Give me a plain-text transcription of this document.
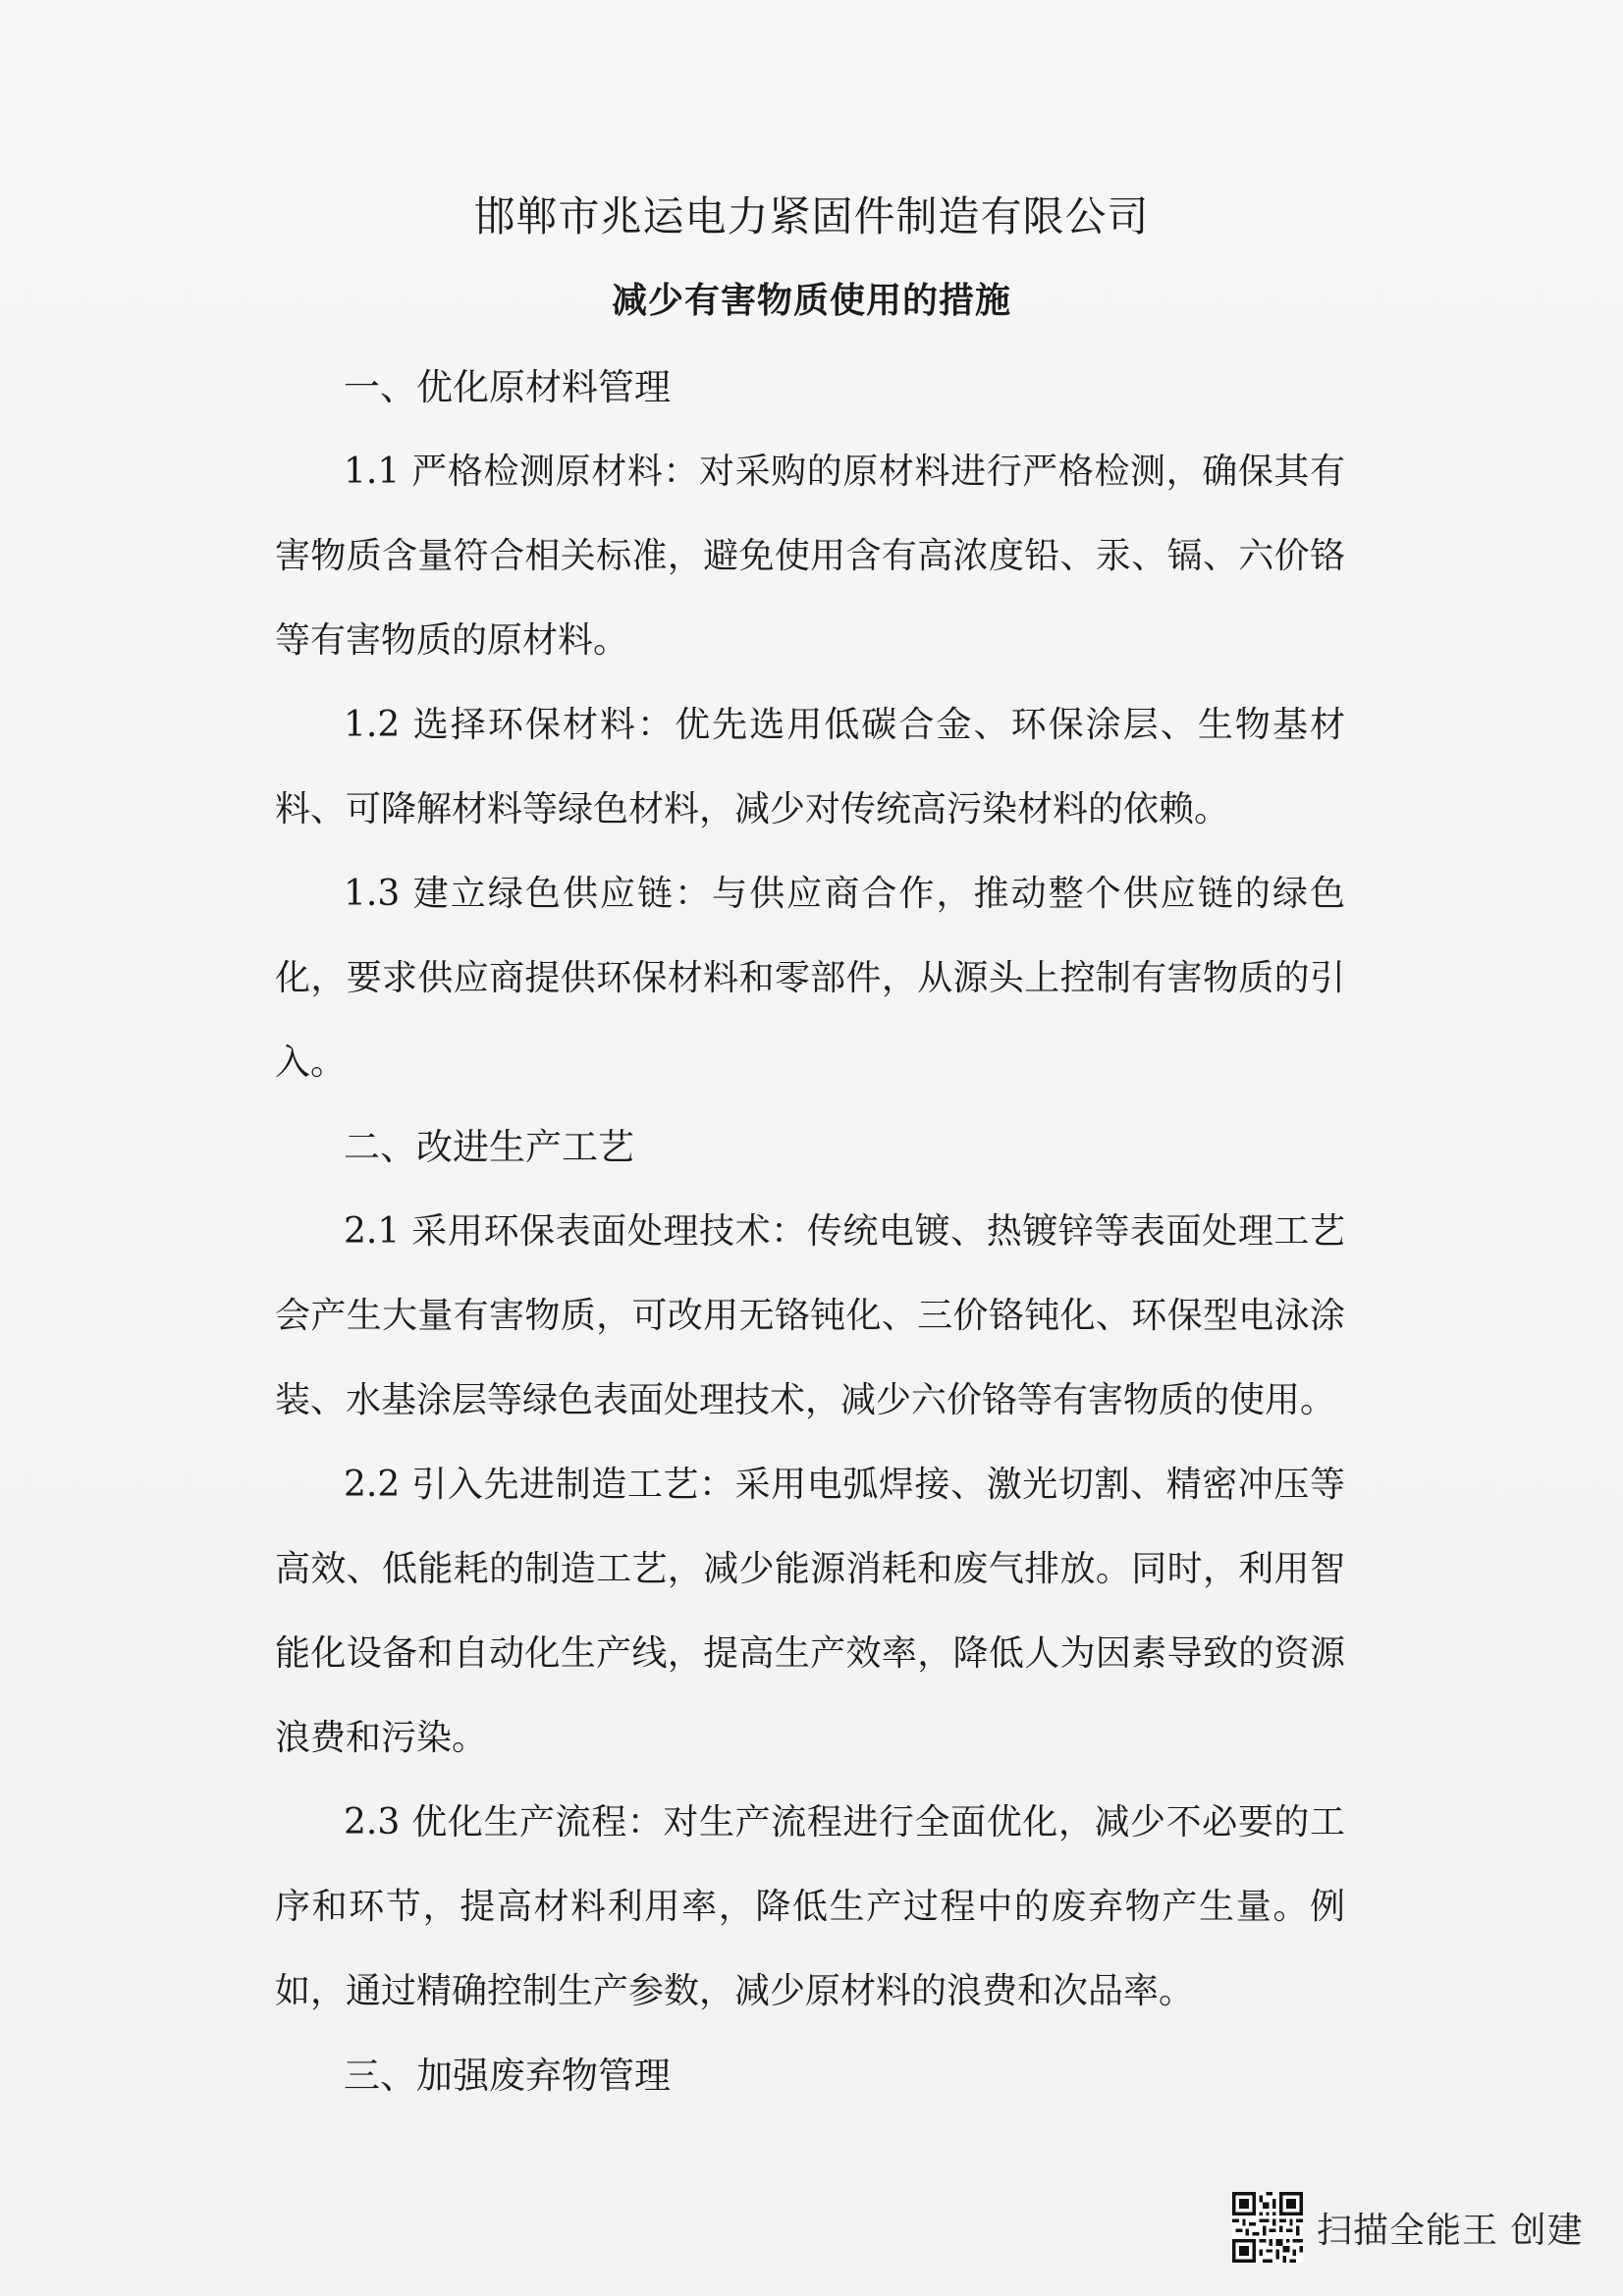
邯郸市兆运电力紧固件制造有限公司
减少有害物质使用的措施

一、优化原材料管理

1.1 严格检测原材料：对采购的原材料进行严格检测，确保其有害物质含量符合相关标准，避免使用含有高浓度铅、汞、镉、六价铬等有害物质的原材料。

1.2 选择环保材料：优先选用低碳合金、环保涂层、生物基材料、可降解材料等绿色材料，减少对传统高污染材料的依赖。

1.3 建立绿色供应链：与供应商合作，推动整个供应链的绿色化，要求供应商提供环保材料和零部件，从源头上控制有害物质的引入。

二、改进生产工艺

2.1 采用环保表面处理技术：传统电镀、热镀锌等表面处理工艺会产生大量有害物质，可改用无铬钝化、三价铬钝化、环保型电泳涂装、水基涂层等绿色表面处理技术，减少六价铬等有害物质的使用。

2.2 引入先进制造工艺：采用电弧焊接、激光切割、精密冲压等高效、低能耗的制造工艺，减少能源消耗和废气排放。同时，利用智能化设备和自动化生产线，提高生产效率，降低人为因素导致的资源浪费和污染。

2.3 优化生产流程：对生产流程进行全面优化，减少不必要的工序和环节，提高材料利用率，降低生产过程中的废弃物产生量。例如，通过精确控制生产参数，减少原材料的浪费和次品率。

三、加强废弃物管理

扫描全能王 创建
